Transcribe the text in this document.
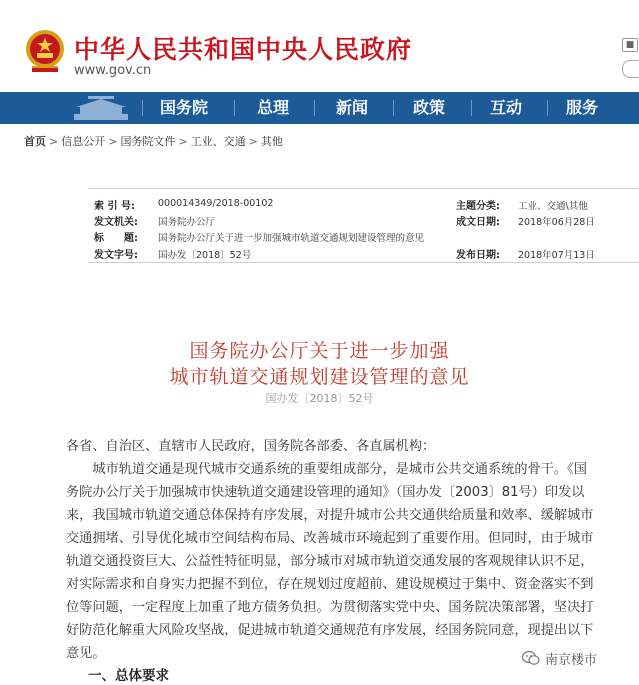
中华人民共和国中央人民政府
www.gov.cn
■
国务院	总理	新闻	政策	互动	服务
首页 > 信息公开 > 国务院文件 > 工业、交通 > 其他
索 引 号: 000014349/2018-00102	主题分类: 工业、交通\其他
发文机关: 国务院办公厅	成文日期: 2018年06月28日
标　　题: 国务院办公厅关于进一步加强城市轨道交通规划建设管理的意见
发文字号: 国办发〔2018〕52号	发布日期: 2018年07月13日
国务院办公厅关于进一步加强
城市轨道交通规划建设管理的意见
国办发〔2018〕52号
各省、自治区、直辖市人民政府，国务院各部委、各直属机构：
　　城市轨道交通是现代城市交通系统的重要组成部分，是城市公共交通系统的骨干。《国
务院办公厅关于加强城市快速轨道交通建设管理的通知》（国办发〔2003〕81号）印发以
来，我国城市轨道交通总体保持有序发展，对提升城市公共交通供给质量和效率、缓解城市
交通拥堵、引导优化城市空间结构布局、改善城市环境起到了重要作用。但同时，由于城市
轨道交通投资巨大、公益性特征明显，部分城市对城市轨道交通发展的客观规律认识不足，
对实际需求和自身实力把握不到位，存在规划过度超前、建设规模过于集中、资金落实不到
位等问题，一定程度上加重了地方债务负担。为贯彻落实党中央、国务院决策部署，坚决打
好防范化解重大风险攻坚战，促进城市轨道交通规范有序发展，经国务院同意，现提出以下
意见。
一、总体要求
南京楼市
